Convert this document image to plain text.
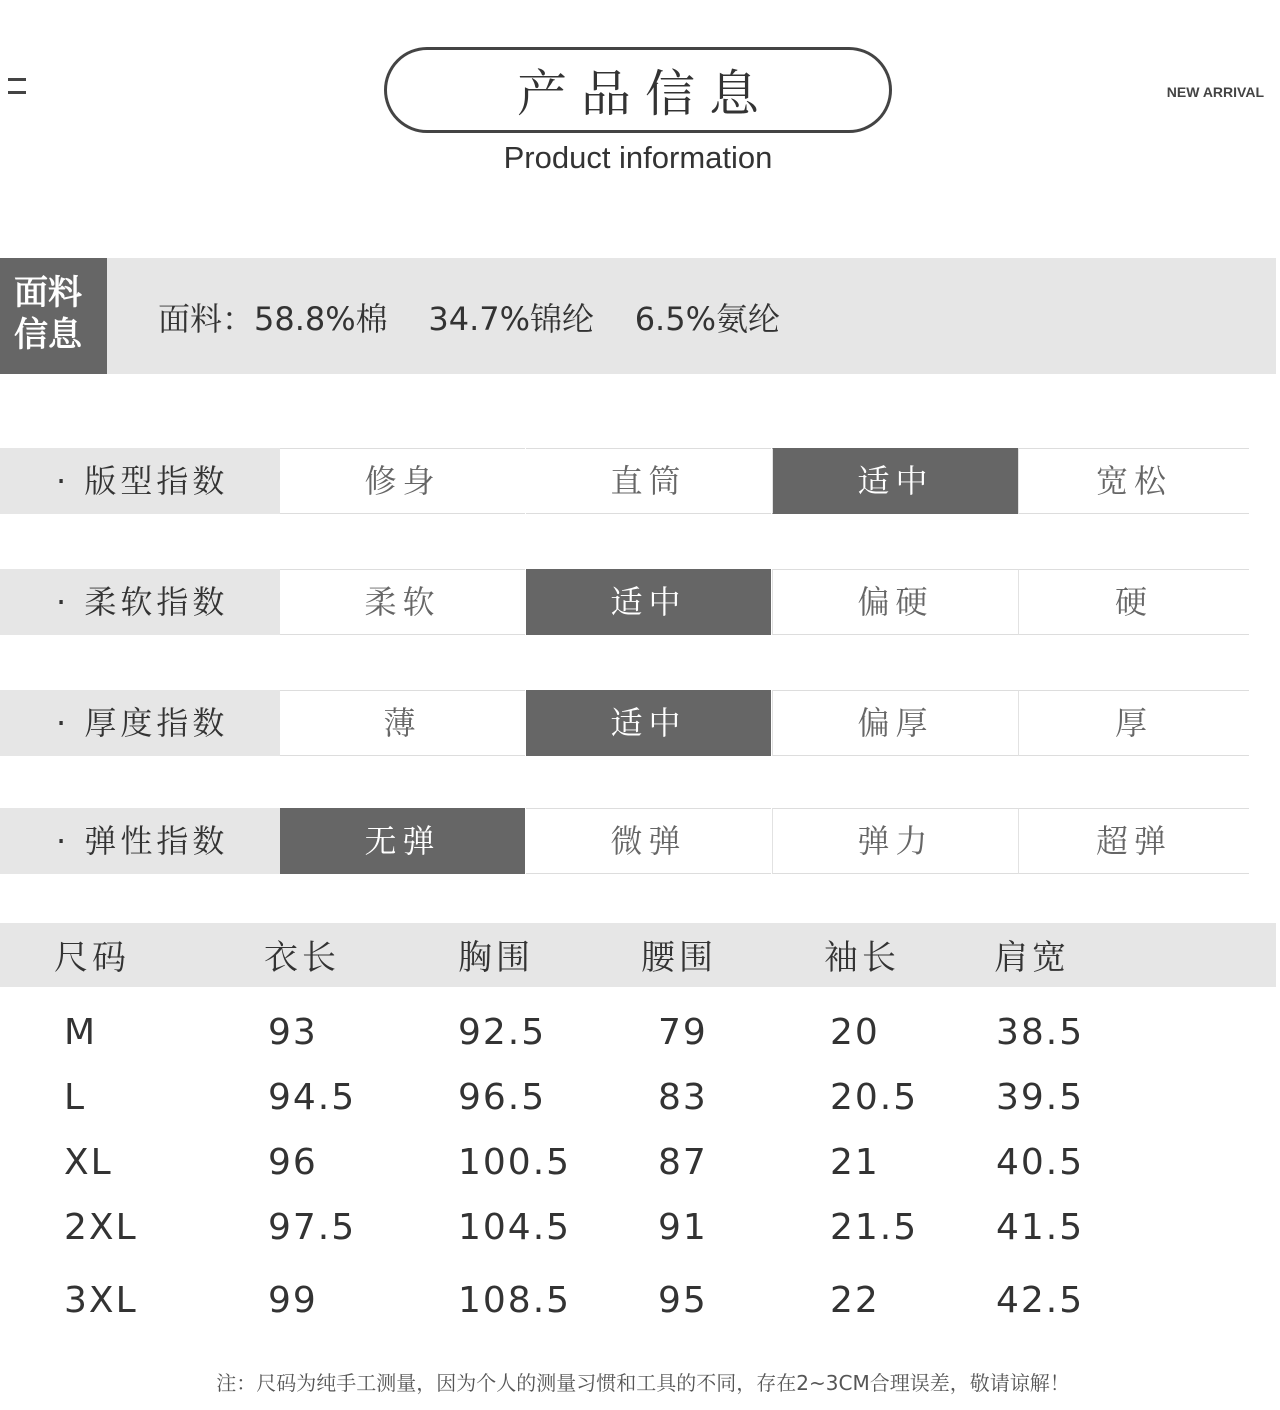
产品信息
Product information
NEW ARRIVAL
面料
信息	面料：58.8%棉    34.7%锦纶    6.5%氨纶
· 版型指数	修身	直筒	适中	宽松
· 柔软指数	柔软	适中	偏硬	硬
· 厚度指数	薄	适中	偏厚	厚
· 弹性指数	无弹	微弹	弹力	超弹
尺码	衣长	胸围	腰围	袖长	肩宽
M	93	92.5	79	20	38.5
L	94.5	96.5	83	20.5 39.5
XL	96	100.5 87	21	40.5
2XL	97.5	104.5 91	21.5 41.5
3XL	99	108.5 95	22	42.5
注：尺码为纯手工测量，因为个人的测量习惯和工具的不同，存在2~3CM合理误差，敬请谅解！
